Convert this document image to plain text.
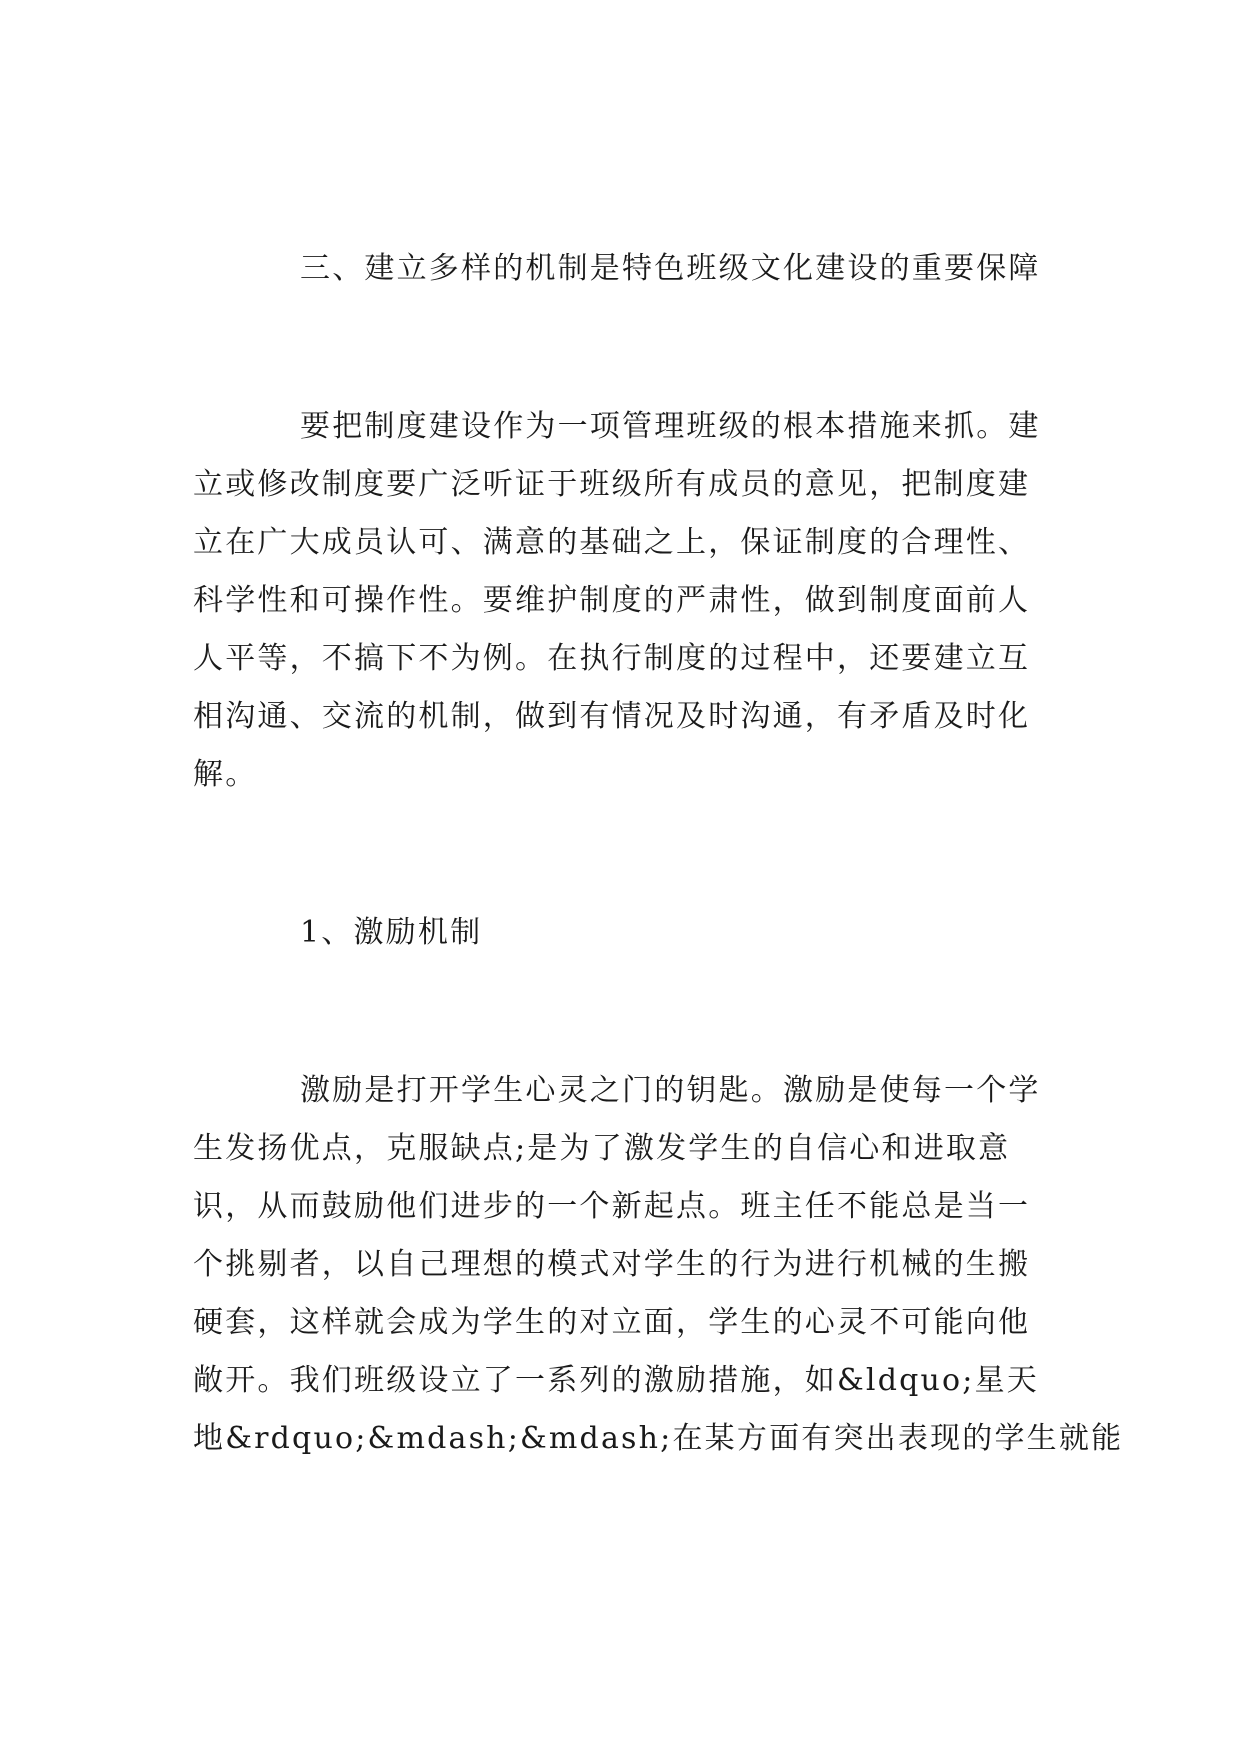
三、建立多样的机制是特色班级文化建设的重要保障
要把制度建设作为一项管理班级的根本措施来抓。建
立或修改制度要广泛听证于班级所有成员的意见，把制度建
立在广大成员认可、满意的基础之上，保证制度的合理性、
科学性和可操作性。要维护制度的严肃性，做到制度面前人
人平等，不搞下不为例。在执行制度的过程中，还要建立互
相沟通、交流的机制，做到有情况及时沟通，有矛盾及时化
解。
1、激励机制
激励是打开学生心灵之门的钥匙。激励是使每一个学
生发扬优点，克服缺点;是为了激发学生的自信心和进取意
识，从而鼓励他们进步的一个新起点。班主任不能总是当一
个挑剔者，以自己理想的模式对学生的行为进行机械的生搬
硬套，这样就会成为学生的对立面，学生的心灵不可能向他
敞开。我们班级设立了一系列的激励措施，如&ldquo;星天
地&rdquo;&mdash;&mdash;在某方面有突出表现的学生就能
